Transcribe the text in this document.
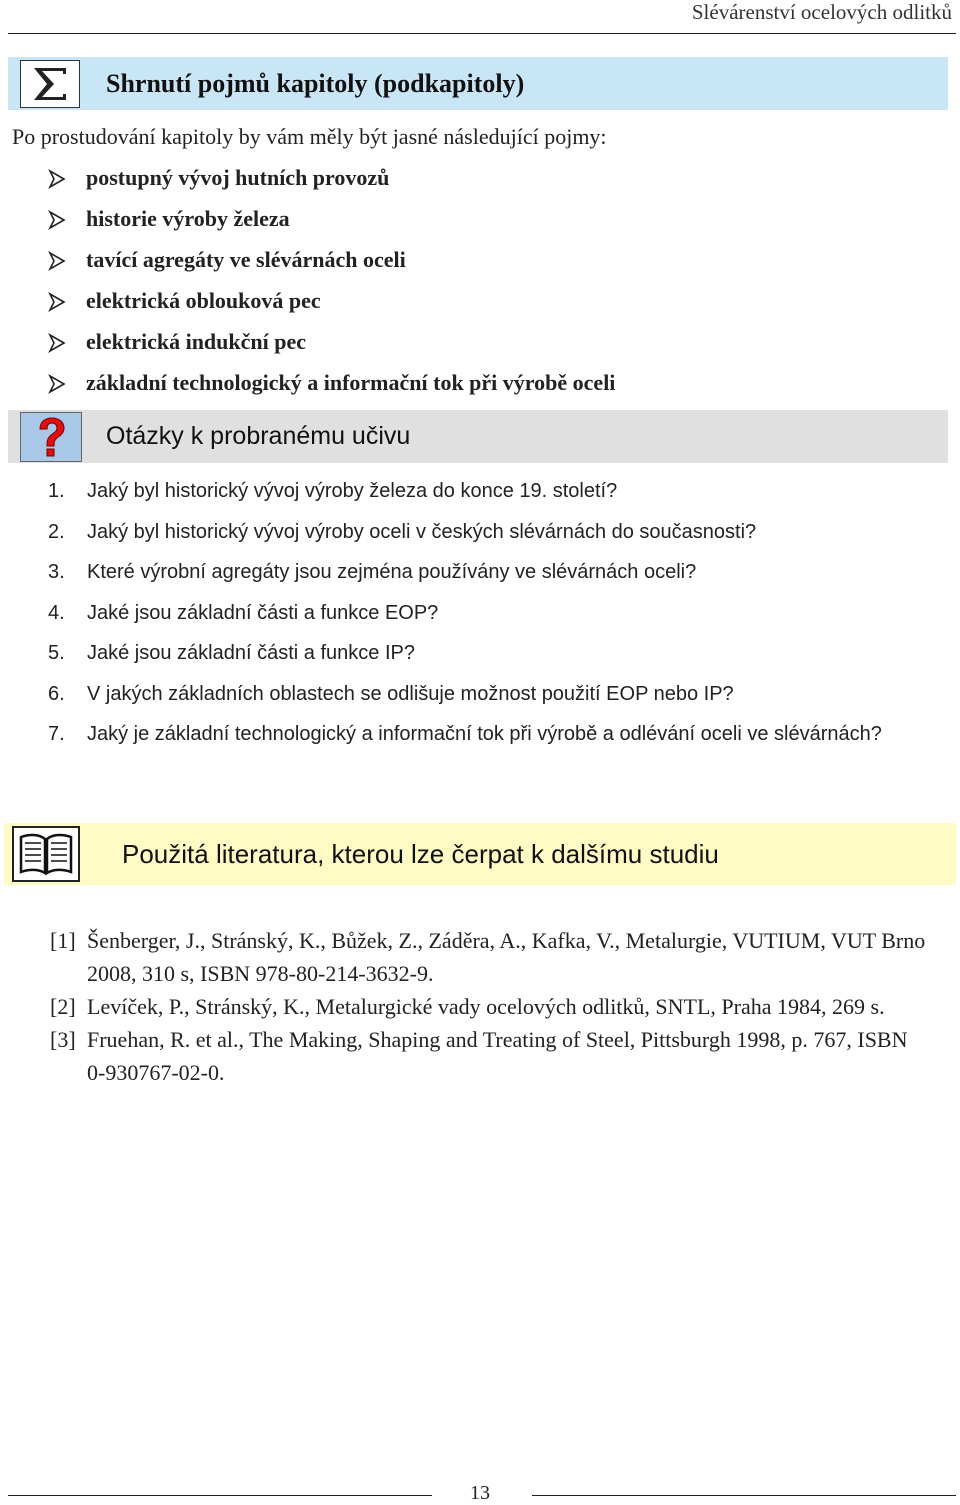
Slévárenství ocelových odlitků
Shrnutí pojmů kapitoly (podkapitoly)
Po prostudování kapitoly by vám měly být jasné následující pojmy:
postupný vývoj hutních provozů
historie výroby železa
tavící agregáty ve slévárnách oceli
elektrická oblouková pec
elektrická indukční pec
základní technologický a informační tok při výrobě oceli
Otázky k probranému učivu
1.	Jaký byl historický vývoj výroby železa do konce 19. století?
2.	Jaký byl historický vývoj výroby oceli v českých slévárnách do současnosti?
3.	Které výrobní agregáty jsou zejména používány ve slévárnách oceli?
4.	Jaké jsou základní části a funkce EOP?
5.	Jaké jsou základní části a funkce IP?
6.	V jakých základních oblastech se odlišuje možnost použití EOP nebo IP?
7.	Jaký je základní technologický a informační tok při výrobě a odlévání oceli ve slévárnách?
Použitá literatura, kterou lze čerpat k dalšímu studiu
[1] Šenberger, J., Stránský, K., Bůžek, Z., Záděra, A., Kafka, V., Metalurgie, VUTIUM, VUT Brno 2008, 310 s, ISBN 978-80-214-3632-9.
[2] Levíček, P., Stránský, K., Metalurgické vady ocelových odlitků, SNTL, Praha 1984, 269 s.
[3] Fruehan, R. et al., The Making, Shaping and Treating of Steel, Pittsburgh 1998, p. 767, ISBN 0-930767-02-0.
13
